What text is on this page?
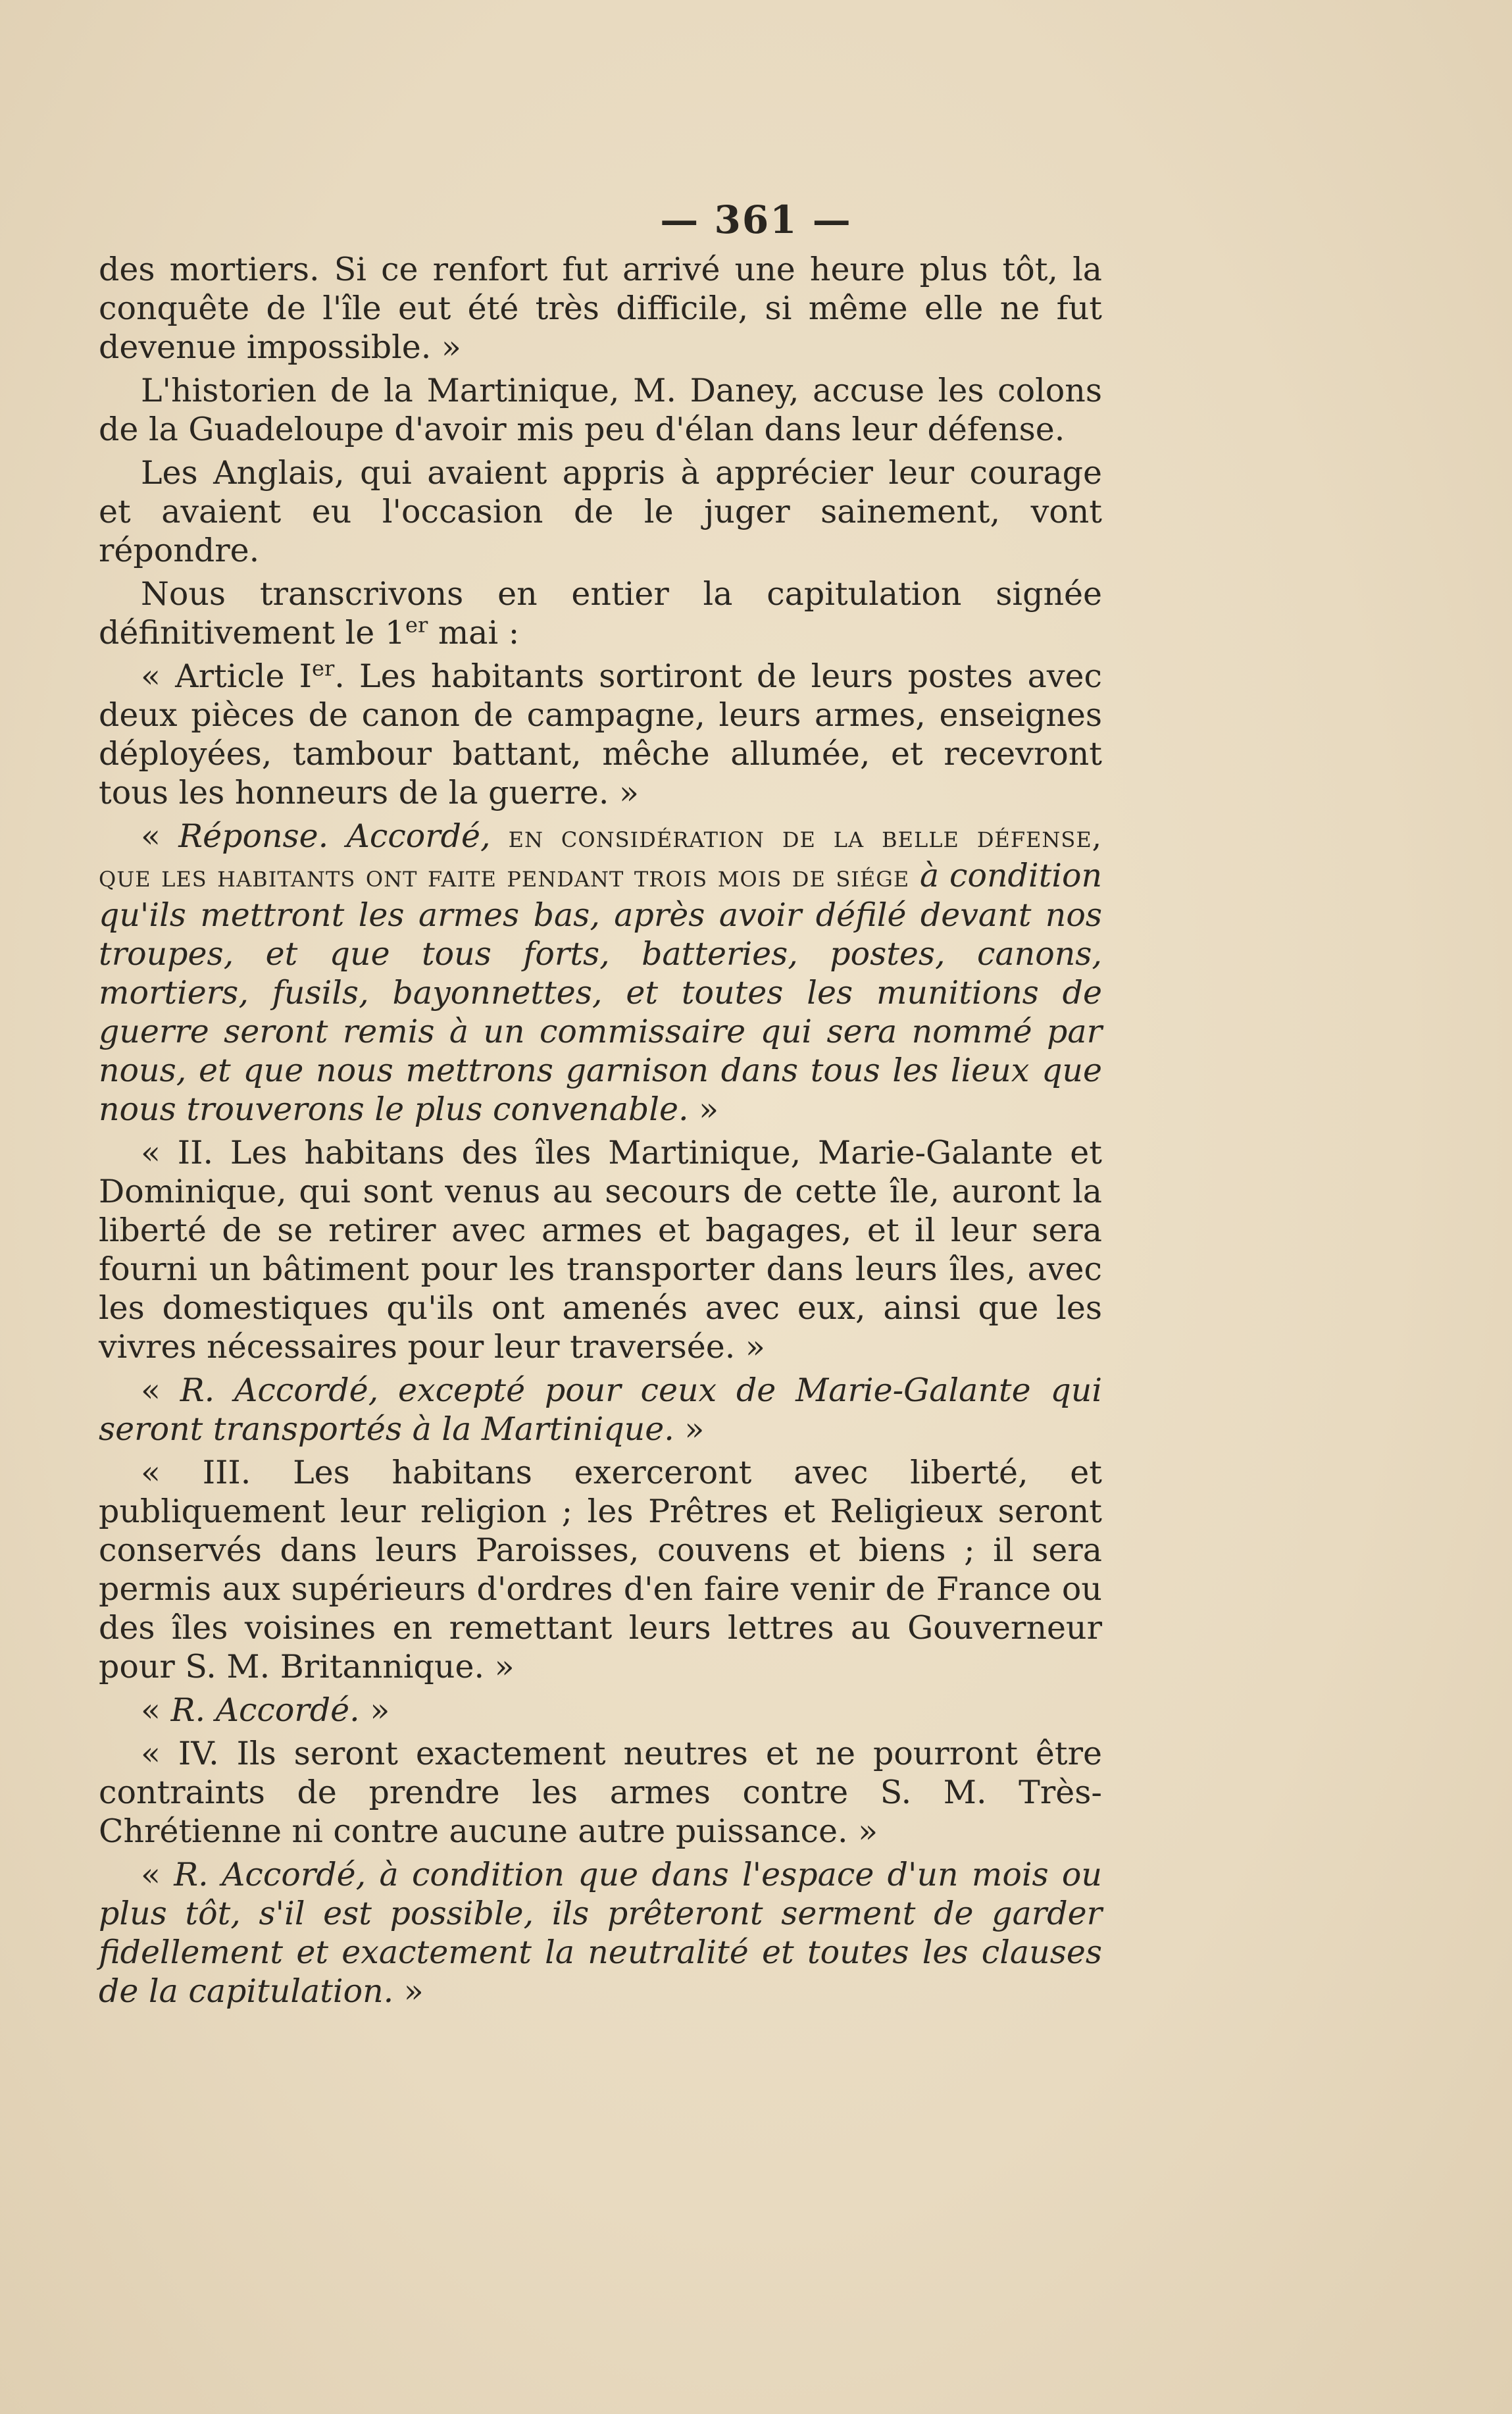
— 361 —

des mortiers. Si ce renfort fut arrivé une heure plus tôt, la conquête de l'île eut été très difficile, si même elle ne fut devenue impossible. »

L'historien de la Martinique, M. Daney, accuse les colons de la Guadeloupe d'avoir mis peu d'élan dans leur défense.

Les Anglais, qui avaient appris à apprécier leur courage et avaient eu l'occasion de le juger sainement, vont répondre.

Nous transcrivons en entier la capitulation signée définitivement le 1er mai :

« Article Ier. Les habitants sortiront de leurs postes avec deux pièces de canon de campagne, leurs armes, enseignes déployées, tambour battant, mêche allumée, et recevront tous les honneurs de la guerre. »

« Réponse. Accordé, en considération de la belle défense, que les habitants ont faite pendant trois mois de siége à condition qu'ils mettront les armes bas, après avoir défilé devant nos troupes, et que tous forts, batteries, postes, canons, mortiers, fusils, bayonnettes, et toutes les munitions de guerre seront remis à un commissaire qui sera nommé par nous, et que nous mettrons garnison dans tous les lieux que nous trouverons le plus convenable. »

« II. Les habitans des îles Martinique, Marie-Galante et Dominique, qui sont venus au secours de cette île, auront la liberté de se retirer avec armes et bagages, et il leur sera fourni un bâtiment pour les transporter dans leurs îles, avec les domestiques qu'ils ont amenés avec eux, ainsi que les vivres nécessaires pour leur traversée. »

« R. Accordé, excepté pour ceux de Marie-Galante qui seront transportés à la Martinique. »

« III. Les habitans exerceront avec liberté, et publiquement leur religion ; les Prêtres et Religieux seront conservés dans leurs Paroisses, couvens et biens ; il sera permis aux supérieurs d'ordres d'en faire venir de France ou des îles voisines en remettant leurs lettres au Gouverneur pour S. M. Britannique. »

« R. Accordé. »

« IV. Ils seront exactement neutres et ne pourront être contraints de prendre les armes contre S. M. Très-Chrétienne ni contre aucune autre puissance. »

« R. Accordé, à condition que dans l'espace d'un mois ou plus tôt, s'il est possible, ils prêteront serment de garder fidellement et exactement la neutralité et toutes les clauses de la capitulation. »
